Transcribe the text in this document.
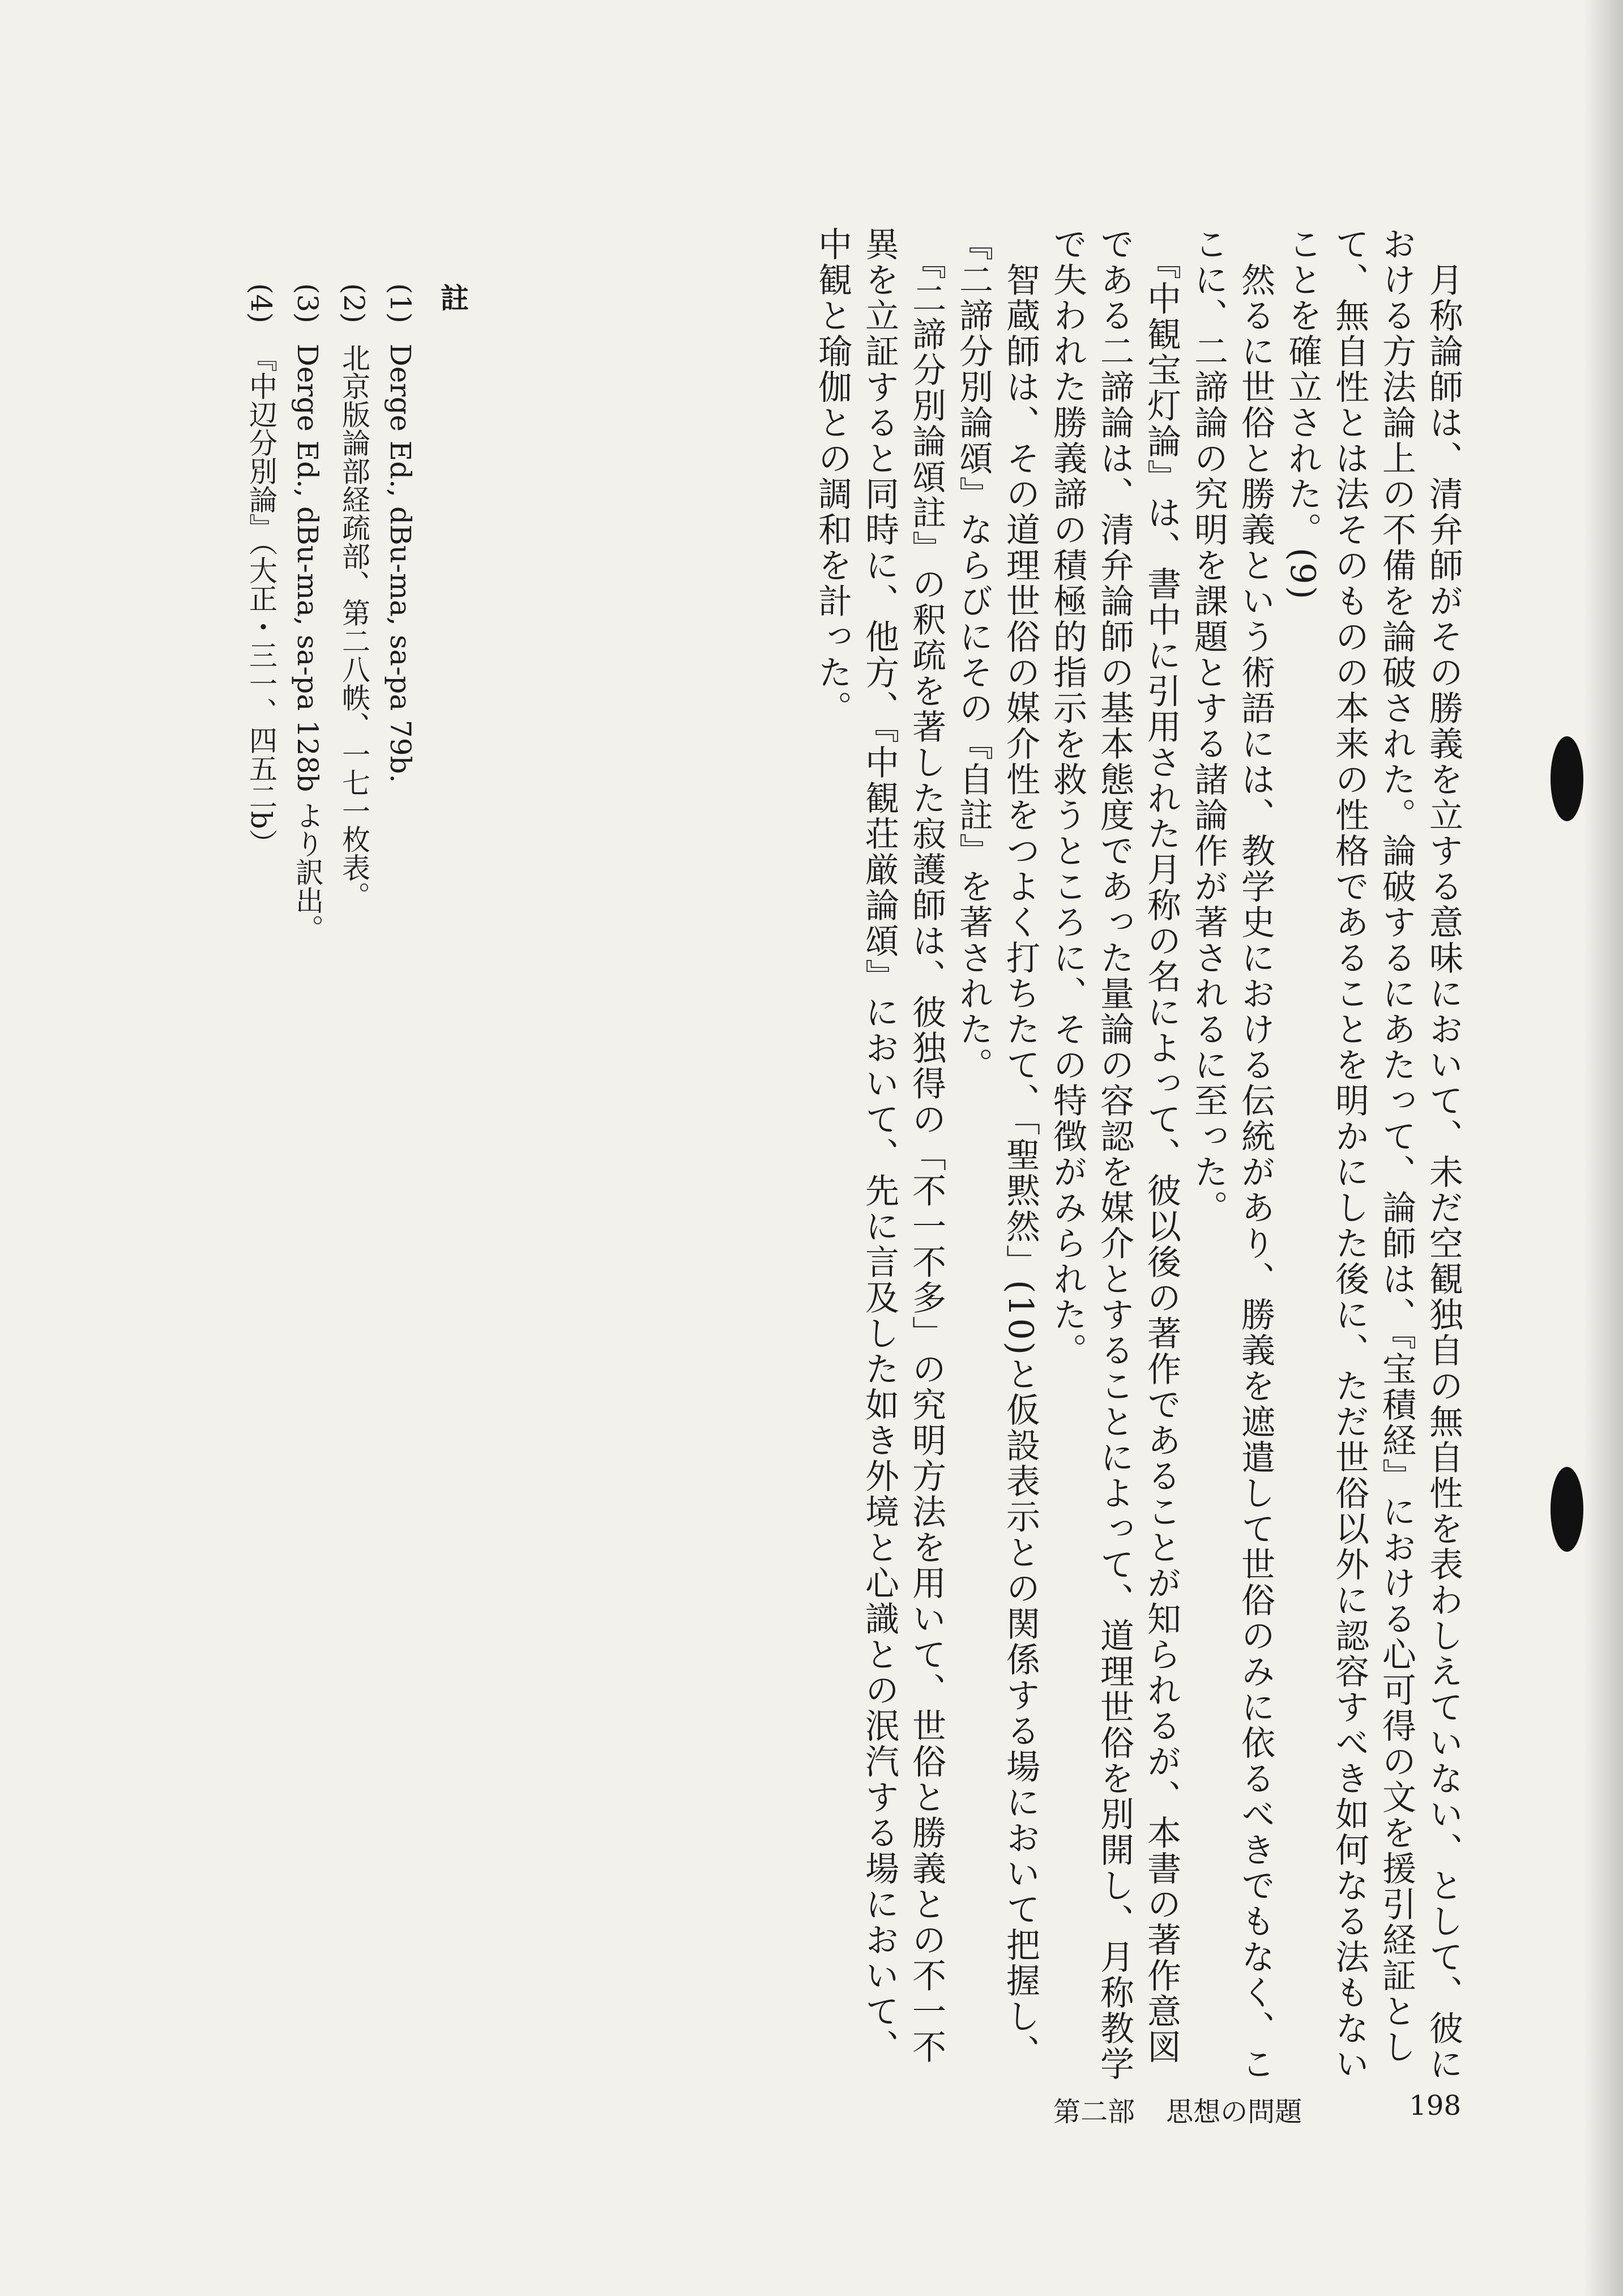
　月称論師は、清弁師がその勝義を立する意味において、未だ空観独自の無自性を表わしえていない、として、彼における方法論上の不備を論破された。論破するにあたって、論師は、『宝積経』における心可得の文を援引経証として、無自性とは法そのものの本来の性格であることを明かにした後に、ただ世俗以外に認容すべき如何なる法もないことを確立された。(9)

　然るに世俗と勝義という術語には、教学史における伝統があり、勝義を遮遣して世俗のみに依るべきでもなく、ここに、二諦論の究明を課題とする諸論作が著されるに至った。

　『中観宝灯論』は、書中に引用された月称の名によって、彼以後の著作であることが知られるが、本書の著作意図である二諦論は、清弁論師の基本態度であった量論の容認を媒介とすることによって、道理世俗を別開し、月称教学で失われた勝義諦の積極的指示を救うところに、その特徴がみられた。

　智蔵師は、その道理世俗の媒介性をつよく打ちたて、「聖黙然」(10)と仮設表示との関係する場において把握し、『二諦分別論頌』ならびにその『自註』を著された。

　『二諦分別論頌註』の釈疏を著した寂護師は、彼独得の「不一不多」の究明方法を用いて、世俗と勝義との不一不異を立証すると同時に、他方、『中観荘厳論頌』において、先に言及した如き外境と心識との泯汽する場において、中観と瑜伽との調和を計った。

註

(1) Derge Ed., dBu-ma, sa-pa 79b.

(2) 北京版論部経疏部、第二八帙、一七一枚表。

(3) Derge Ed., dBu-ma, sa-pa 128b より訳出。

(4) 『中辺分別論』（大正・三一、四五二b）

第二部 思想の問題	198
